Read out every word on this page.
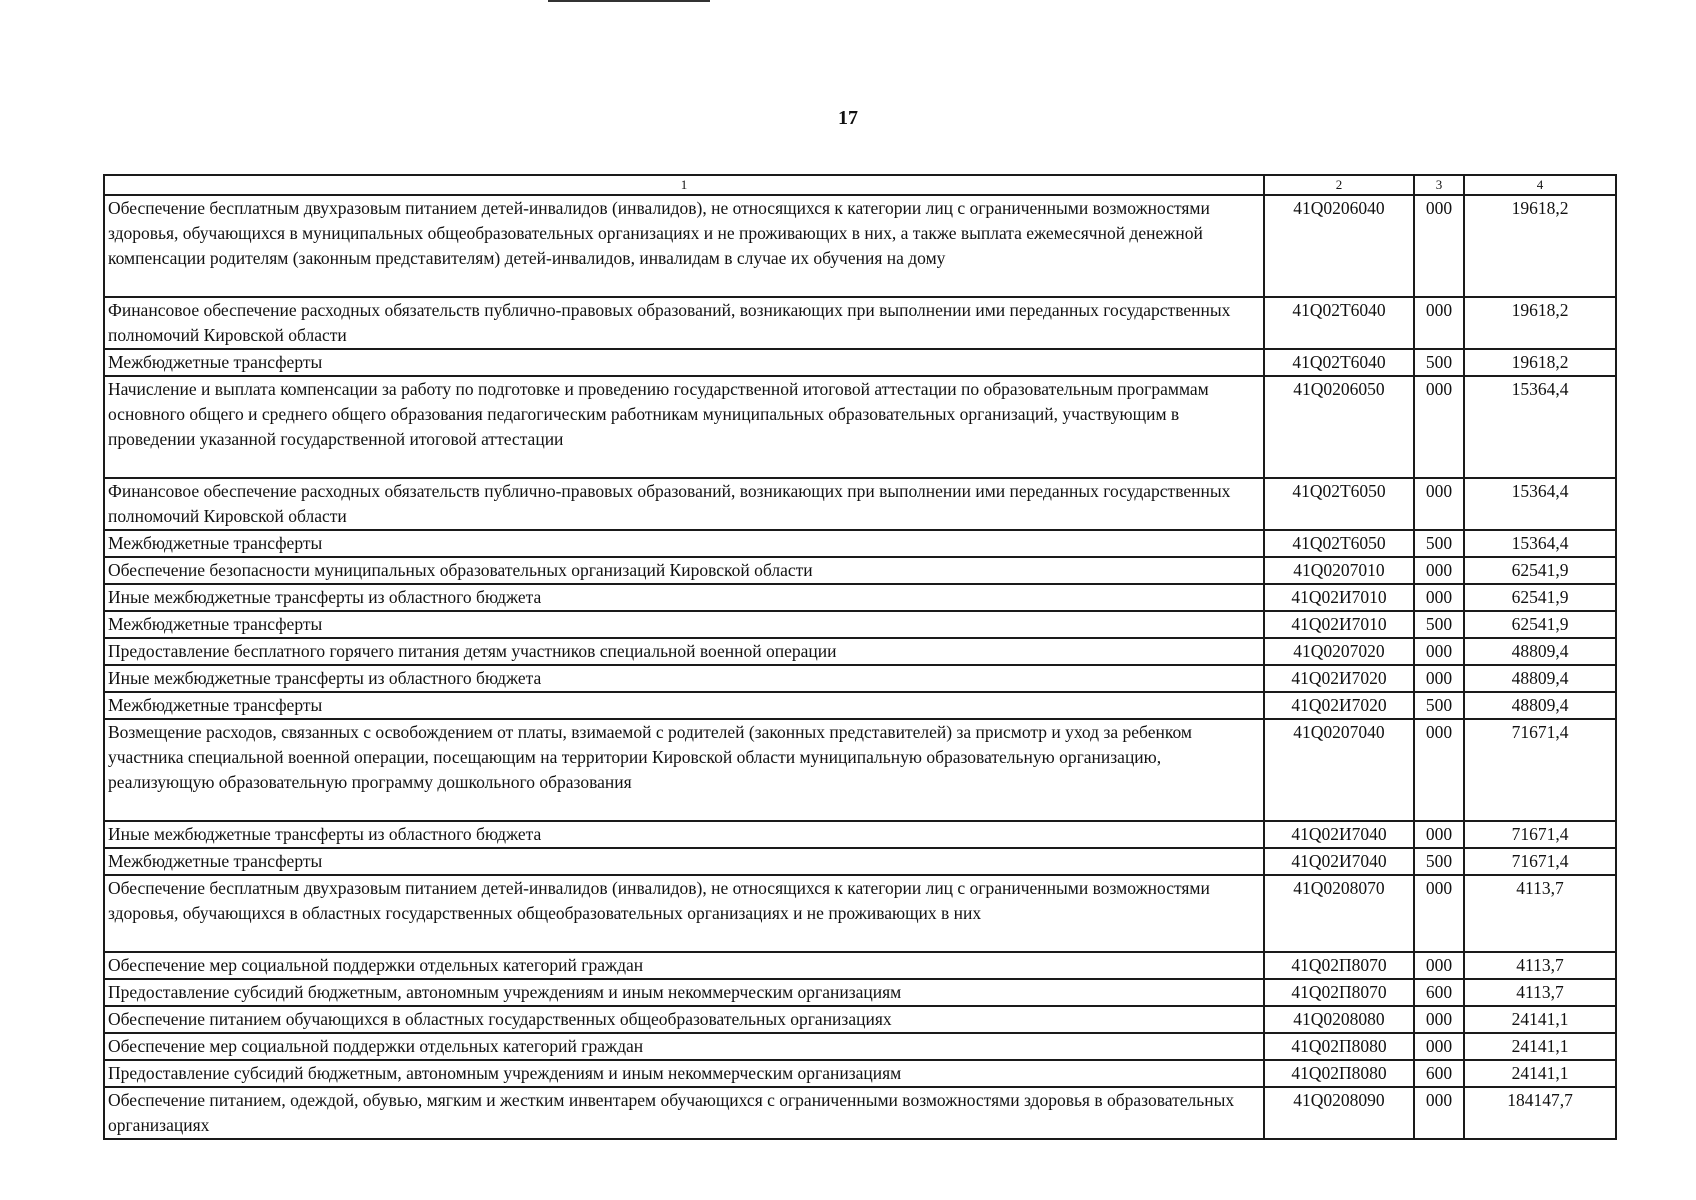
17
1	2	3	4
Обеспечение бесплатным двухразовым питанием детей-инвалидов (инвалидов), не относящихся к категории лиц с ограниченными возможностями здоровья, обучающихся в муниципальных общеобразовательных организациях и не проживающих в них, а также выплата ежемесячной денежной компенсации родителям (законным представителям) детей-инвалидов, инвалидам в случае их обучения на дому	41Q0206040	000	19618,2
Финансовое обеспечение расходных обязательств публично-правовых образований, возникающих при выполнении ими переданных государственных полномочий Кировской области	41Q02Т6040	000	19618,2
Межбюджетные трансферты	41Q02Т6040	500	19618,2
Начисление и выплата компенсации за работу по подготовке и проведению государственной итоговой аттестации по образовательным программам основного общего и среднего общего образования педагогическим работникам муниципальных образовательных организаций, участвующим в проведении указанной государственной итоговой аттестации	41Q0206050	000	15364,4
Финансовое обеспечение расходных обязательств публично-правовых образований, возникающих при выполнении ими переданных государственных полномочий Кировской области	41Q02Т6050	000	15364,4
Межбюджетные трансферты	41Q02Т6050	500	15364,4
Обеспечение безопасности муниципальных образовательных организаций Кировской области	41Q0207010	000	62541,9
Иные межбюджетные трансферты из областного бюджета	41Q02И7010	000	62541,9
Межбюджетные трансферты	41Q02И7010	500	62541,9
Предоставление бесплатного горячего питания детям участников специальной военной операции	41Q0207020	000	48809,4
Иные межбюджетные трансферты из областного бюджета	41Q02И7020	000	48809,4
Межбюджетные трансферты	41Q02И7020	500	48809,4
Возмещение расходов, связанных с освобождением от платы, взимаемой с родителей (законных представителей) за присмотр и уход за ребенком участника специальной военной операции, посещающим на территории Кировской области муниципальную образовательную организацию, реализующую образовательную программу дошкольного образования	41Q0207040	000	71671,4
Иные межбюджетные трансферты из областного бюджета	41Q02И7040	000	71671,4
Межбюджетные трансферты	41Q02И7040	500	71671,4
Обеспечение бесплатным двухразовым питанием детей-инвалидов (инвалидов), не относящихся к категории лиц с ограниченными возможностями здоровья, обучающихся в областных государственных общеобразовательных организациях и не проживающих в них	41Q0208070	000	4113,7
Обеспечение мер социальной поддержки отдельных категорий граждан	41Q02П8070	000	4113,7
Предоставление субсидий бюджетным, автономным учреждениям и иным некоммерческим организациям	41Q02П8070	600	4113,7
Обеспечение питанием обучающихся в областных государственных общеобразовательных организациях	41Q0208080	000	24141,1
Обеспечение мер социальной поддержки отдельных категорий граждан	41Q02П8080	000	24141,1
Предоставление субсидий бюджетным, автономным учреждениям и иным некоммерческим организациям	41Q02П8080	600	24141,1
Обеспечение питанием, одеждой, обувью, мягким и жестким инвентарем обучающихся с ограниченными возможностями здоровья в образовательных организациях	41Q0208090	000	184147,7
